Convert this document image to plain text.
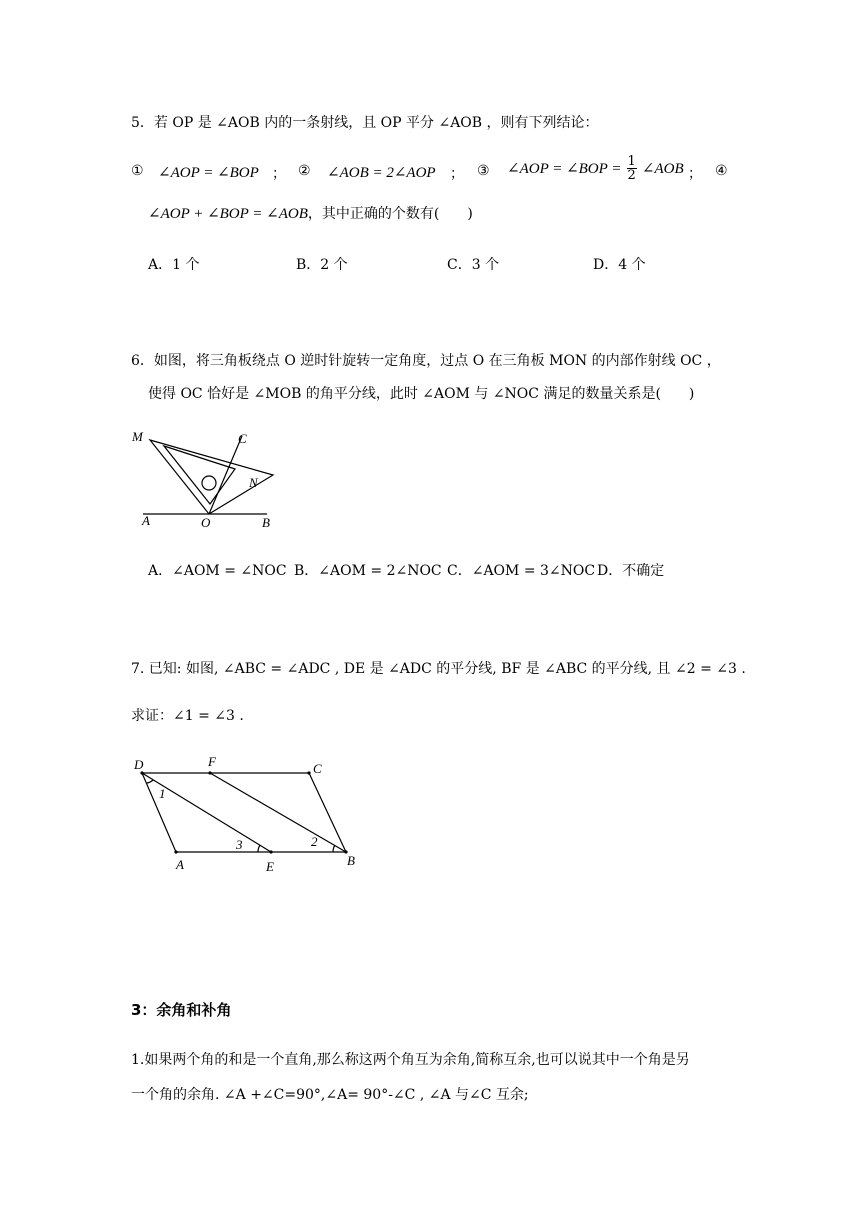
5．若 OP 是 ∠AOB 内的一条射线，且 OP 平分 ∠AOB ，则有下列结论：
① ∠AOP = ∠BOP ； ② ∠AOB = 2∠AOP ； ③ ∠AOP = ∠BOP = $\frac{1}{2}$ ∠AOB ； ④
∠AOP + ∠BOP = ∠AOB，其中正确的个数有(　　)
A．1 个	B．2 个	C．3 个	D．4 个
6．如图，将三角板绕点 O 逆时针旋转一定角度，过点 O 在三角板 MON 的内部作射线 OC ，
使得 OC 恰好是 ∠MOB 的角平分线，此时 ∠AOM 与 ∠NOC 满足的数量关系是(　　)
M	C
N
A	O	B
A．∠AOM = ∠NOC B．∠AOM = 2∠NOC C．∠AOM = 3∠NOC D．不确定
7. 已知: 如图, ∠ABC = ∠ADC , DE 是 ∠ADC 的平分线, BF 是 ∠ABC 的平分线, 且 ∠2 = ∠3 .
求证：∠1 = ∠3 .
D	F	C
A	E	B
1
2
3
3：余角和补角
1.如果两个角的和是一个直角,那么称这两个角互为余角,简称互余,也可以说其中一个角是另
一个角的余角. ∠A +∠C=90°,∠A= 90°-∠C , ∠A 与∠C 互余;
